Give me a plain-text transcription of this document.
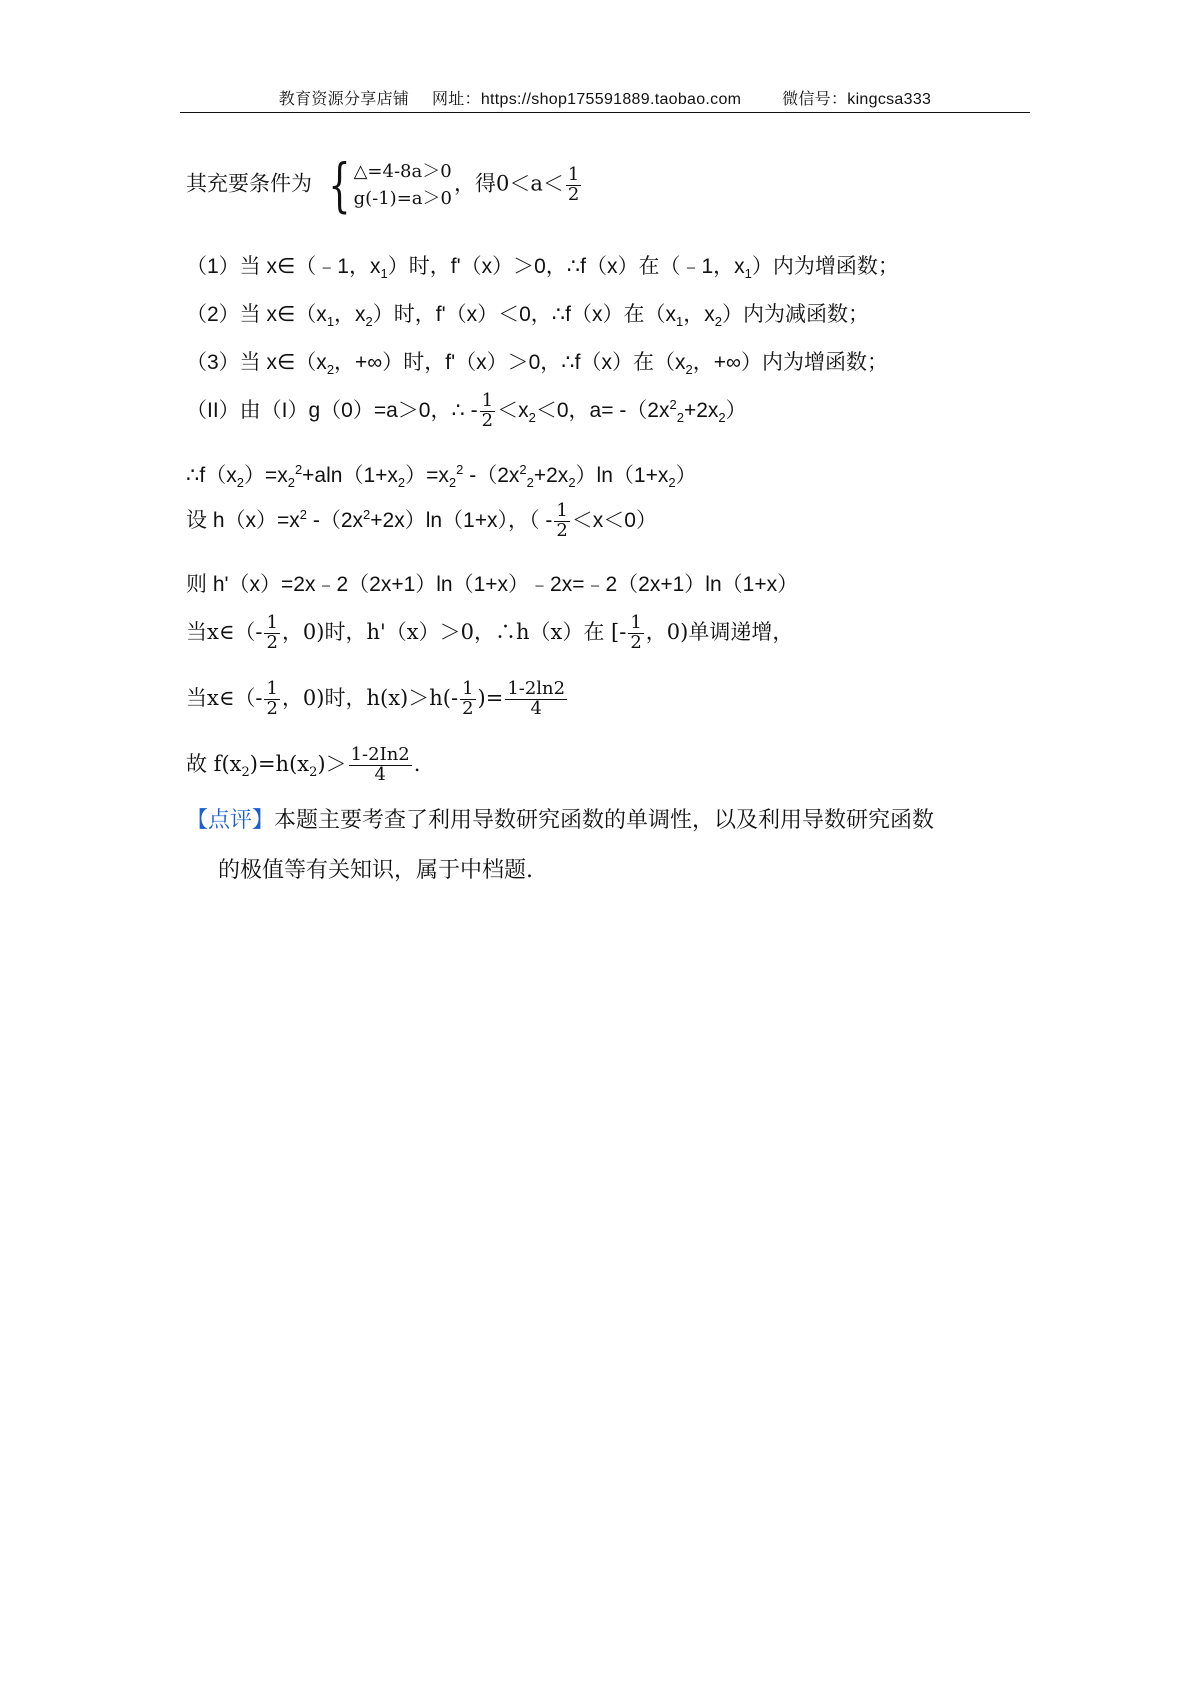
教育资源分享店铺 网址：https://shop175591889.taobao.com	微信号：kingcsa333
其充要条件为 { △=4-8a＞0
g(-1)=a＞0
，得$0<a< \frac{1}{2}$
（1）当 x∈（﹣1，$x_1$）时，f'（x）＞0，∴f（x）在（﹣1，$x_1$）内为增函数；
（2）当 $x\in(x_1$，$x_2$）时，f'（x）＜0，∴f（x）在（$x_1$，$x_2$）内为减函数；
（3）当 $x\in(x_2$，+∞）时，f'（x）＞0，∴f（x）在（$x_2$，+∞）内为增函数；
（II）由（I）g（0）=a＞0，∴ - $\frac{1}{2} <x_2<0$，$a= -(2x^2_2+2x_2)$
$\therefore f(x_2)=x_2^2+aln(1+x_2)=x_2^2$ $-(2x^2_2+2x_2)\ln(1+x_2)$
设 $h(x)=x^2$ $-(2x^2+2x)\ln(1+x)$，（ - $\frac{1}{2} <x<0$）
则 h'（x）=2x﹣2（2x+1）ln（1+x）﹣2x=﹣2（2x+1）ln（1+x）
当x∈（- $\frac{1}{2}$ ，0)时，h'（x）＞0，∴h（x）在 [- $\frac{1}{2}$ ，0)单调递增，
当x∈（- $\frac{1}{2}$ ，0)时，$h(x)>h(- \frac{1}{2}$ )= $\frac{1-2\ln 2}{4}$
故 $f(x_2)=h(x_2)> \frac{1-2In2}{4}$ .
【点评】本题主要考查了利用导数研究函数的单调性，以及利用导数研究函数
的极值等有关知识，属于中档题.
